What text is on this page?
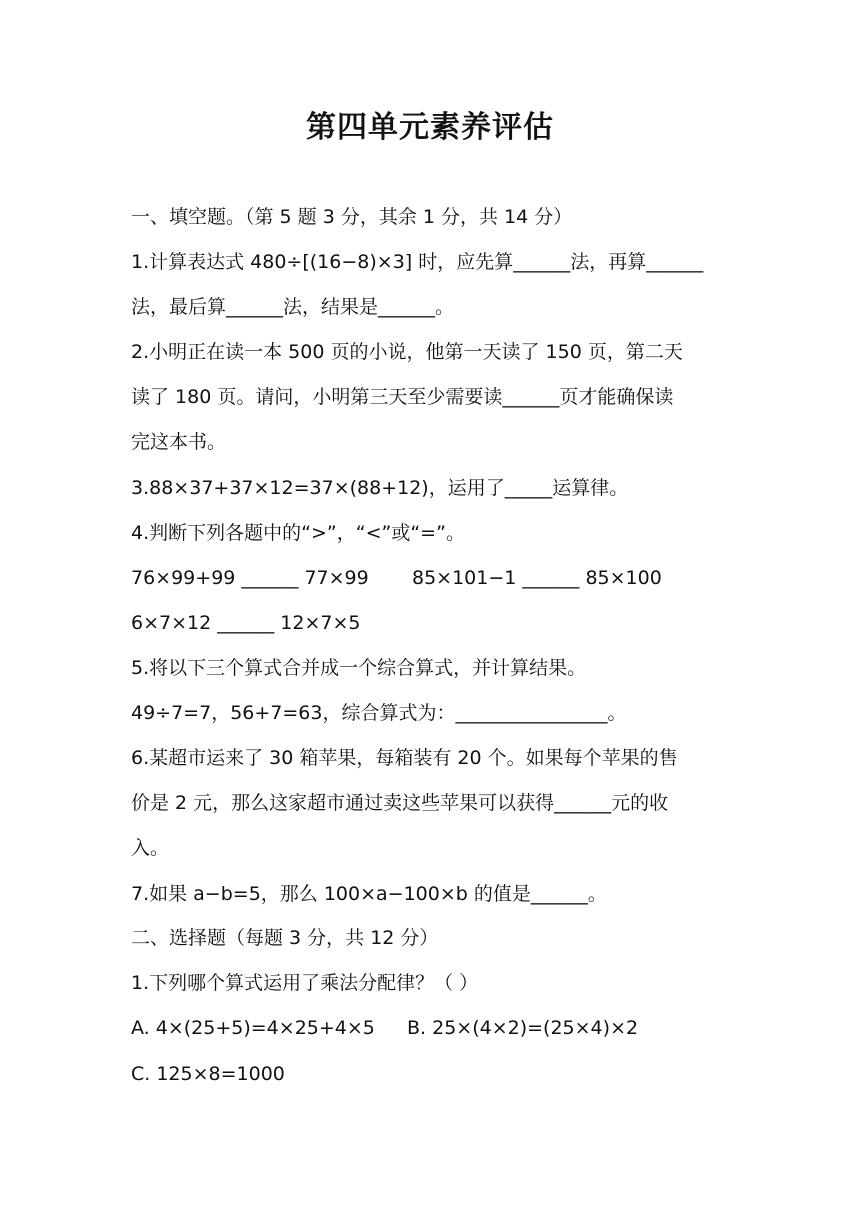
第四单元素养评估
一、填空题。（第 5 题 3 分，其余 1 分，共 14 分）
1.计算表达式 480÷[(16−8)×3] 时，应先算______法，再算______
法，最后算______法，结果是______。
2.小明正在读一本 500 页的小说，他第一天读了 150 页，第二天
读了 180 页。请问，小明第三天至少需要读______页才能确保读
完这本书。
3.88×37+37×12=37×(88+12)，运用了_____运算律。
4.判断下列各题中的“>”，“<”或“=”。
76×99+99 ______ 77×99	85×101−1 ______ 85×100
6×7×12 ______ 12×7×5
5.将以下三个算式合并成一个综合算式，并计算结果。
49÷7=7，56+7=63，综合算式为：________________。
6.某超市运来了 30 箱苹果，每箱装有 20 个。如果每个苹果的售
价是 2 元，那么这家超市通过卖这些苹果可以获得______元的收
入。
7.如果 a−b=5，那么 100×a−100×b 的值是______。
二、选择题（每题 3 分，共 12 分）
1.下列哪个算式运用了乘法分配律？（ ）
A. 4×(25+5)=4×25+4×5	B. 25×(4×2)=(25×4)×2
C. 125×8=1000
